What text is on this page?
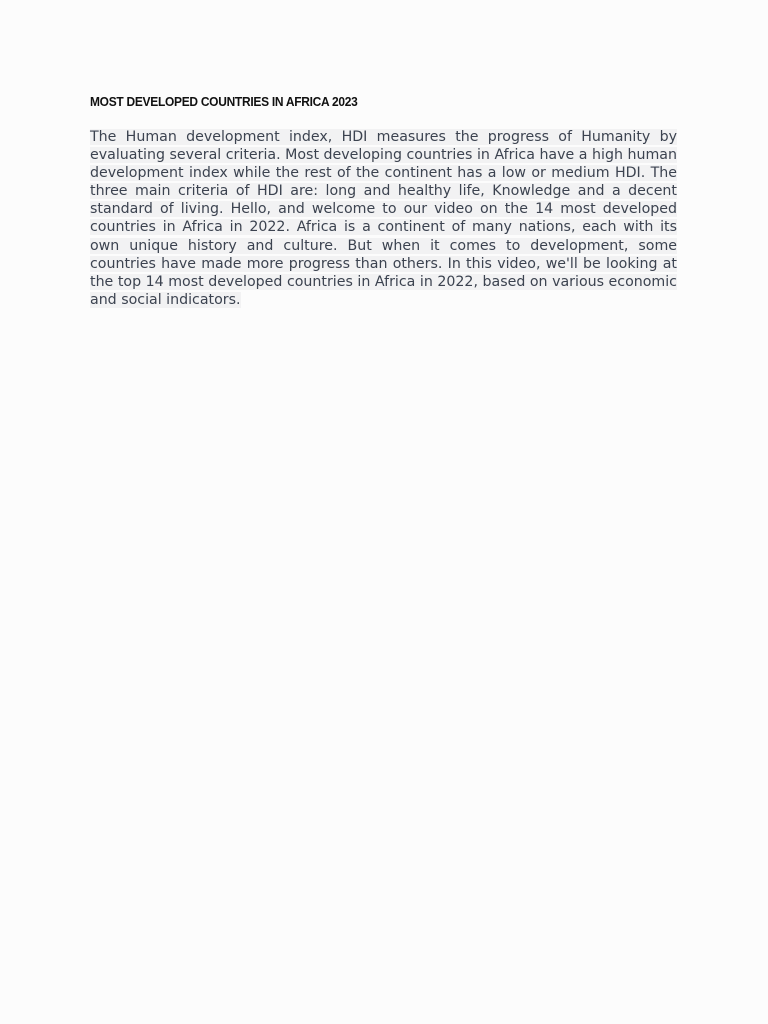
MOST DEVELOPED COUNTRIES IN AFRICA 2023

The Human development index, HDI measures the progress of Humanity by evaluating several criteria. Most developing countries in Africa have a high human development index while the rest of the continent has a low or medium HDI. The three main criteria of HDI are: long and healthy life, Knowledge and a decent standard of living. Hello, and welcome to our video on the 14 most developed countries in Africa in 2022. Africa is a continent of many nations, each with its own unique history and culture. But when it comes to development, some countries have made more progress than others. In this video, we'll be looking at the top 14 most developed countries in Africa in 2022, based on various economic and social indicators.
